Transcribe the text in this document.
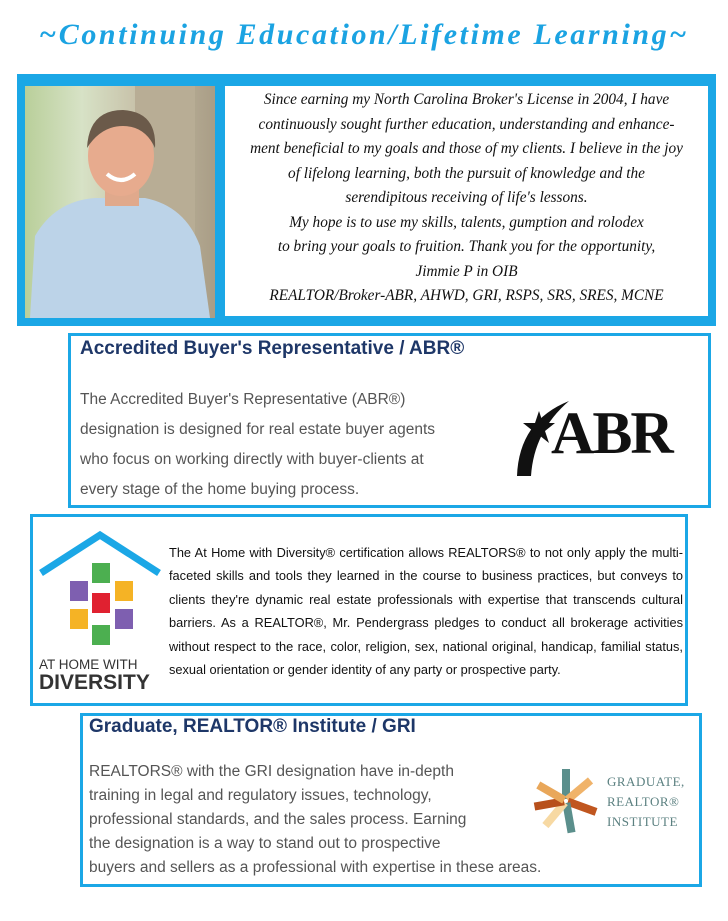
~Continuing Education/Lifetime Learning~
Since earning my North Carolina Broker's License in 2004, I have
continuously sought further education, understanding and enhance-
ment beneficial to my goals and those of my clients. I believe in the joy
of lifelong learning, both the pursuit of knowledge and the
serendipitous receiving of life's lessons.
My hope is to use my skills, talents, gumption and rolodex
to bring your goals to fruition. Thank you for the opportunity,
Jimmie P in OIB
REALTOR/Broker-ABR, AHWD, GRI, RSPS, SRS, SRES, MCNE
Accredited Buyer's Representative / ABR®
The Accredited Buyer's Representative (ABR®)
designation is designed for real estate buyer agents
who focus on working directly with buyer-clients at
every stage of the home buying process.
ABR
AT HOME WITH
DIVERSITY
The At Home with Diversity® certification allows REALTORS® to not only apply the multi-faceted skills and tools they learned in the course to business practices, but conveys to clients they're dynamic real estate professionals with expertise that transcends cultural barriers. As a REALTOR®, Mr. Pendergrass pledges to conduct all brokerage activities without respect to the race, color, religion, sex, national original, handicap, familial status, sexual orientation or gender identity of any party or prospective party.
Graduate, REALTOR® Institute / GRI
REALTORS® with the GRI designation have in-depth
training in legal and regulatory issues, technology,
professional standards, and the sales process. Earning
the designation is a way to stand out to prospective
buyers and sellers as a professional with expertise in these areas.
GRADUATE,
REALTOR®
INSTITUTE
